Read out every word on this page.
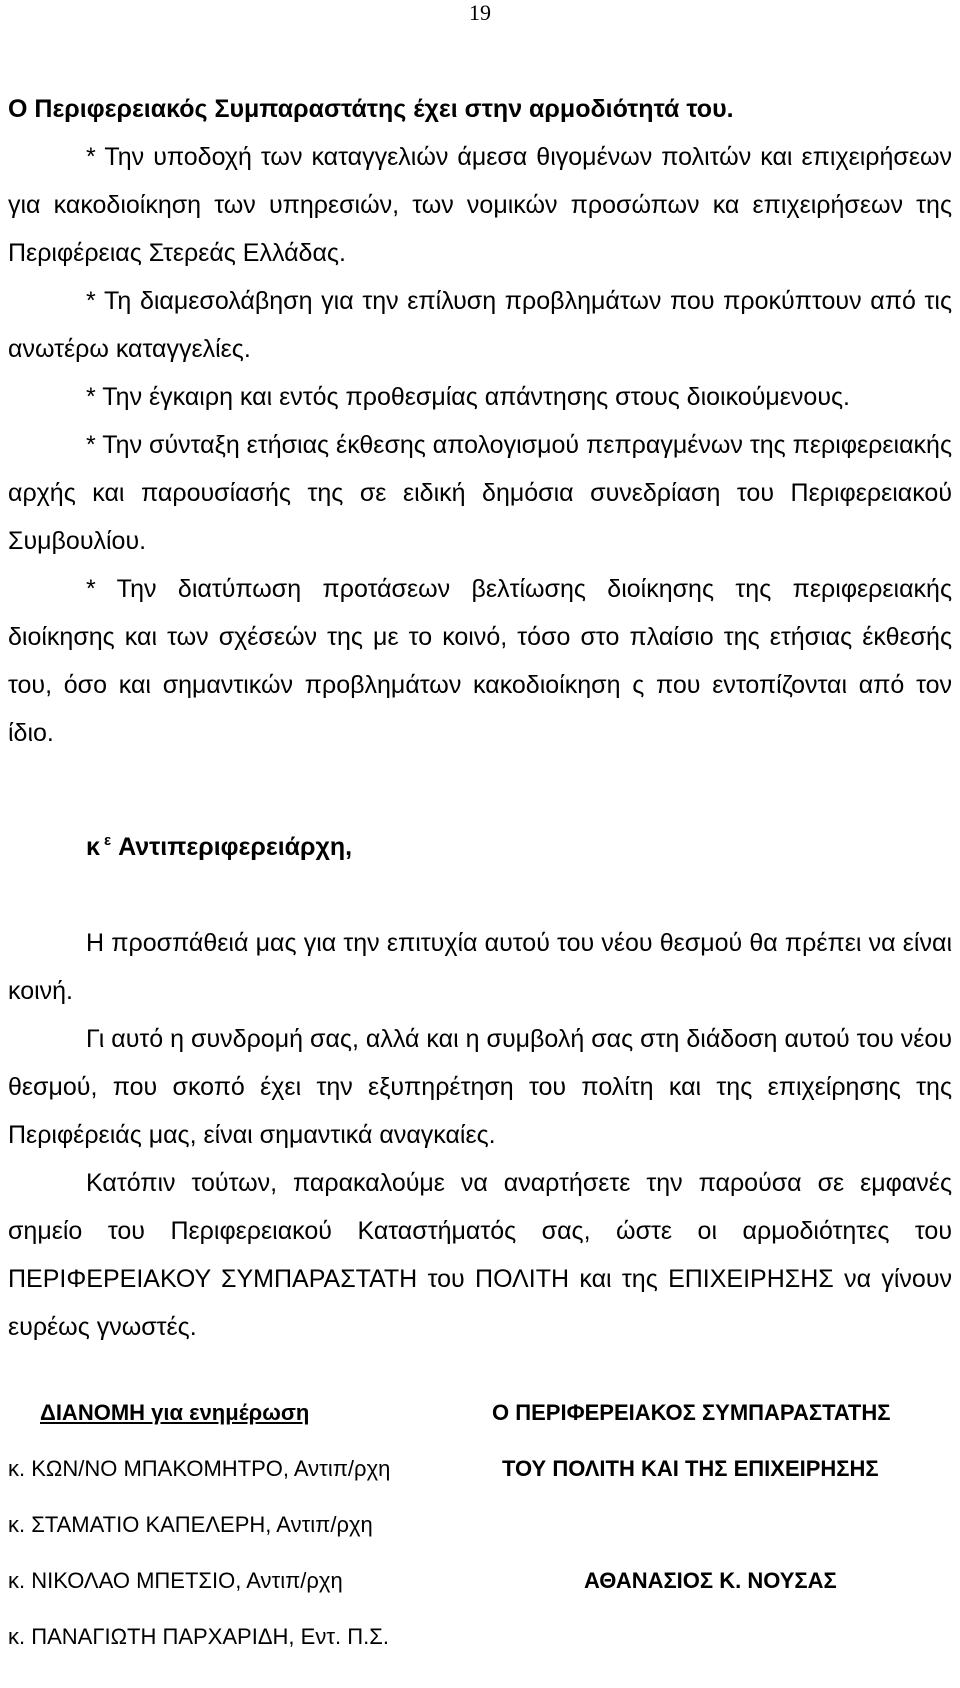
19

Ο Περιφερειακός Συμπαραστάτης έχει στην αρμοδιότητά του.

* Την υποδοχή των καταγγελιών άμεσα θιγομένων πολιτών και επιχειρήσεων για κακοδιοίκηση των υπηρεσιών, των νομικών προσώπων κα επιχειρήσεων της Περιφέρειας Στερεάς Ελλάδας.

* Τη διαμεσολάβηση για την επίλυση προβλημάτων που προκύπτουν από τις ανωτέρω καταγγελίες.

* Την έγκαιρη και εντός προθεσμίας απάντησης στους διοικούμενους.

* Την σύνταξη ετήσιας έκθεσης απολογισμού πεπραγμένων της περιφερειακής αρχής και παρουσίασής της σε ειδική δημόσια συνεδρίαση του Περιφερειακού Συμβουλίου.

* Την διατύπωση προτάσεων βελτίωσης διοίκησης της περιφερειακής διοίκησης και των σχέσεών της με το κοινό, τόσο στο πλαίσιο της ετήσιας έκθεσής του, όσο και σημαντικών προβλημάτων κακοδιοίκηση ς που εντοπίζονται από τον ίδιο.

κ $^\varepsilon$ Αντιπεριφερειάρχη,

Η προσπάθειά μας για την επιτυχία αυτού του νέου θεσμού θα πρέπει να είναι κοινή.

Γι αυτό η συνδρομή σας, αλλά και η συμβολή σας στη διάδοση αυτού του νέου θεσμού, που σκοπό έχει την εξυπηρέτηση του πολίτη και της επιχείρησης της Περιφέρειάς μας, είναι σημαντικά αναγκαίες.

Κατόπιν τούτων, παρακαλούμε να αναρτήσετε την παρούσα σε εμφανές σημείο του Περιφερειακού Καταστήματός σας, ώστε οι αρμοδιότητες του ΠΕΡΙΦΕΡΕΙΑΚΟΥ ΣΥΜΠΑΡΑΣΤΑΤΗ του ΠΟΛΙΤΗ και της ΕΠΙΧΕΙΡΗΣΗΣ να γίνουν ευρέως γνωστές.

ΔΙΑΝΟΜΗ για ενημέρωση	Ο ΠΕΡΙΦΕΡΕΙΑΚΟΣ ΣΥΜΠΑΡΑΣΤΑΤΗΣ
κ. ΚΩΝ/ΝΟ ΜΠΑΚΟΜΗΤΡΟ, Αντιπ/ρχη	ΤΟΥ ΠΟΛΙΤΗ ΚΑΙ ΤΗΣ ΕΠΙΧΕΙΡΗΣΗΣ
κ. ΣΤΑΜΑΤΙΟ ΚΑΠΕΛΕΡΗ, Αντιπ/ρχη
κ. ΝΙΚΟΛΑΟ ΜΠΕΤΣΙΟ, Αντιπ/ρχη	ΑΘΑΝΑΣΙΟΣ Κ. ΝΟΥΣΑΣ
κ. ΠΑΝΑΓΙΩΤΗ ΠΑΡΧΑΡΙΔΗ, Εντ. Π.Σ.
